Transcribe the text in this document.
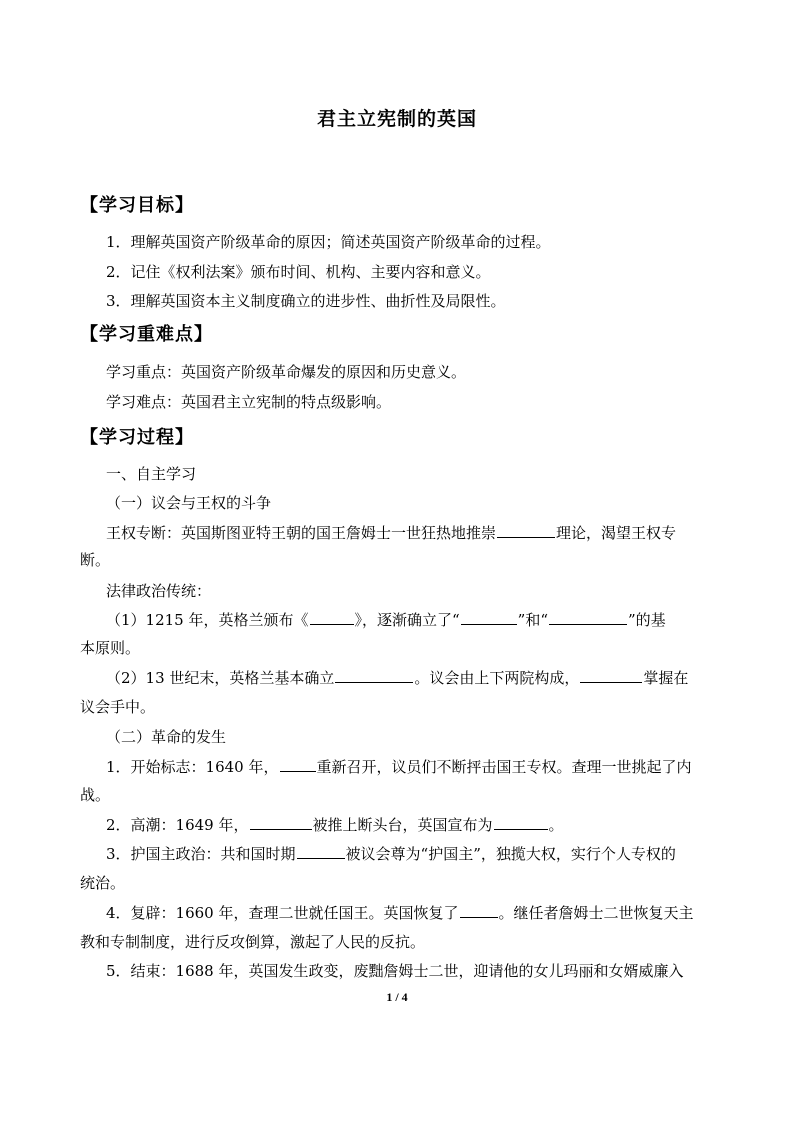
君主立宪制的英国
【学习目标】
1．理解英国资产阶级革命的原因；简述英国资产阶级革命的过程。
2．记住《权利法案》颁布时间、机构、主要内容和意义。
3．理解英国资本主义制度确立的进步性、曲折性及局限性。
【学习重难点】
学习重点：英国资产阶级革命爆发的原因和历史意义。
学习难点：英国君主立宪制的特点级影响。
【学习过程】
一、自主学习
（一）议会与王权的斗争
王权专断：英国斯图亚特王朝的国王詹姆士一世狂热地推崇	理论，渴望王权专
断。
法律政治传统：
（1）1215 年，英格兰颁布《	》，逐渐确立了“	”和“	”的基
本原则。
（2）13 世纪末，英格兰基本确立	。议会由上下两院构成，	掌握在
议会手中。
（二）革命的发生
1．开始标志：1640 年，	重新召开，议员们不断抨击国王专权。查理一世挑起了内
战。
2．高潮：1649 年，	被推上断头台，英国宣布为	。
3．护国主政治：共和国时期	被议会尊为“护国主”，独揽大权，实行个人专权的
统治。
4．复辟：1660 年，查理二世就任国王。英国恢复了	。继任者詹姆士二世恢复天主
教和专制制度，进行反攻倒算，激起了人民的反抗。
5．结束：1688 年，英国发生政变，废黜詹姆士二世，迎请他的女儿玛丽和女婿威廉入
1 / 4
